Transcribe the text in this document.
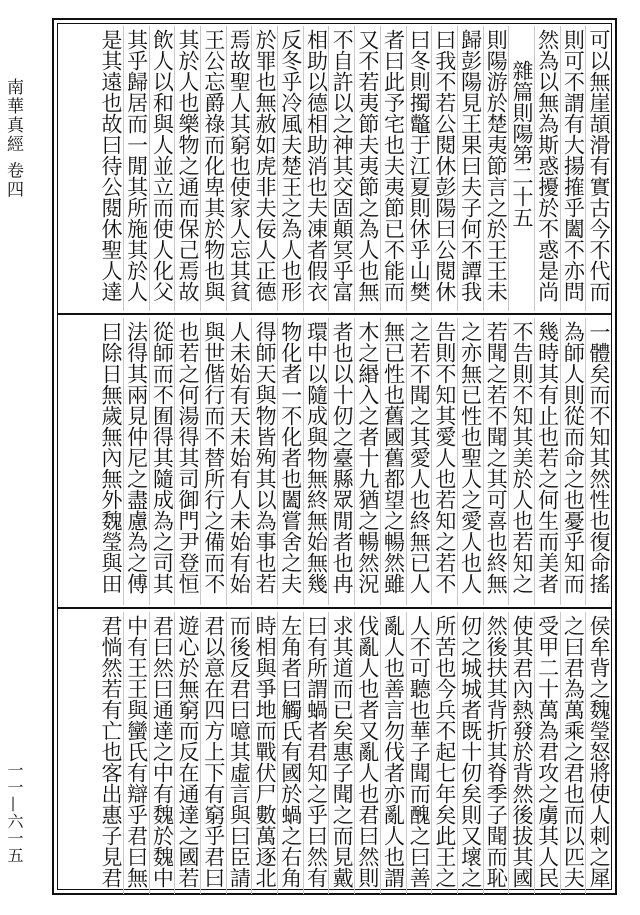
南華真經 卷四
一一—六一五
可以無崖頡滑有實古今不代而
則可不謂有大揚搉乎闔不亦問
然為以無為斯惑擾於不惑是尚
雜篇則陽第二十五
則陽游於楚夷節言之於王王未
歸彭陽見王果曰夫子何不譚我
曰我不若公閱休彭陽曰公閱休
曰冬則擉鼈于江夏則休乎山樊
者曰此予宅也夫夷節已不能而
又不若夷節夫夷節之為人也無
不自許以之神其交固顛冥乎富
相助以德相助消也夫凍者假衣
反冬乎冷風夫楚王之為人也形
於罪也無赦如虎非夫佞人正德
焉故聖人其窮也使家人忘其貧
王公忘爵祿而化卑其於物也與
其於人也樂物之通而保己焉故
飲人以和與人並立而使人化父
其乎歸居而一閒其所施其於人
是其遠也故曰待公閱休聖人達
一體矣而不知其然性也復命搖
為師人則從而命之也憂乎知而
幾時其有止也若之何生而美者
不告則不知其美於人也若知之
若聞之若不聞之其可喜也終無
之亦無已性也聖人之愛人也人
告則不知其愛人也若知之若不
之若不聞之其愛人也終無已人
無已性也舊國舊都望之暢然雖
木之緡入之者十九猶之暢然況
者也以十仞之臺縣眾閒者也冉
環中以隨成與物無終無始無幾
物化者一不化者也闔嘗舍之夫
得師天與物皆殉其以為事也若
人未始有天未始有人未始有始
與世偕行而不替所行之備而不
也若之何湯得其司御門尹登恒
從師而不囿得其隨成為之司其
法得其兩見仲尼之盡慮為之傅
曰除日無歲無內無外魏瑩與田
侯牟背之魏瑩怒將使人刺之犀
之曰君為萬乘之君也而以匹夫
受甲二十萬為君攻之虜其人民
使其君內熱發於背然後拔其國
然後扶其背折其脊季子聞而恥
仞之城城者既十仞矣則又壞之
所苦也今兵不起七年矣此王之
人不可聽也華子聞而醜之曰善
亂人也善言勿伐者亦亂人也謂
伐亂人也者又亂人也君曰然則
求其道而已矣惠子聞之而見戴
曰有所謂蝸者君知之乎曰然有
左角者曰觸氏有國於蝸之右角
時相與爭地而戰伏尸數萬逐北
而後反君曰噫其虛言與曰臣請
君以意在四方上下有窮乎君曰
遊心於無窮而反在通達之國若
君曰然曰通達之中有魏於魏中
中有王王與蠻氏有辯乎君曰無
君惝然若有亡也客出惠子見君
